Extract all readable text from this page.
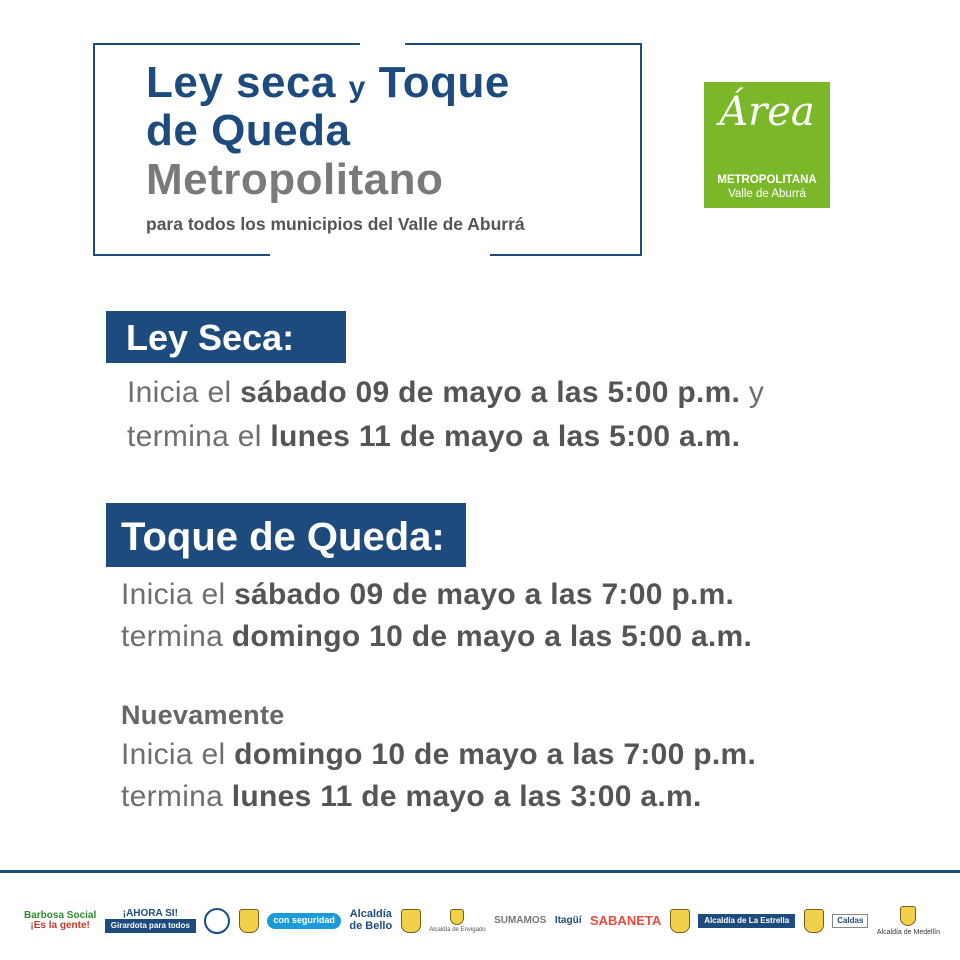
Ley seca y Toque
de Queda
Metropolitano
para todos los municipios del Valle de Aburrá
Área
METROPOLITANA
Valle de Aburrá
Ley Seca:
Inicia el sábado 09 de mayo a las 5:00 p.m. y
termina el lunes 11 de mayo a las 5:00 a.m.
Toque de Queda:
Inicia el sábado 09 de mayo a las 7:00 p.m.
termina domingo 10 de mayo a las 5:00 a.m.
Nuevamente
Inicia el domingo 10 de mayo a las 7:00 p.m.
termina lunes 11 de mayo a las 3:00 a.m.
Barbosa Social
¡Es la gente!
¡AHORA SI!
Girardota para todos
con seguridad	Alcaldía
de Bello	Alcaldía de Envigado
SUMAMOS Itagüí SABANETA	Alcaldía de La Estrella	Caldas
Alcaldía de Medellín
